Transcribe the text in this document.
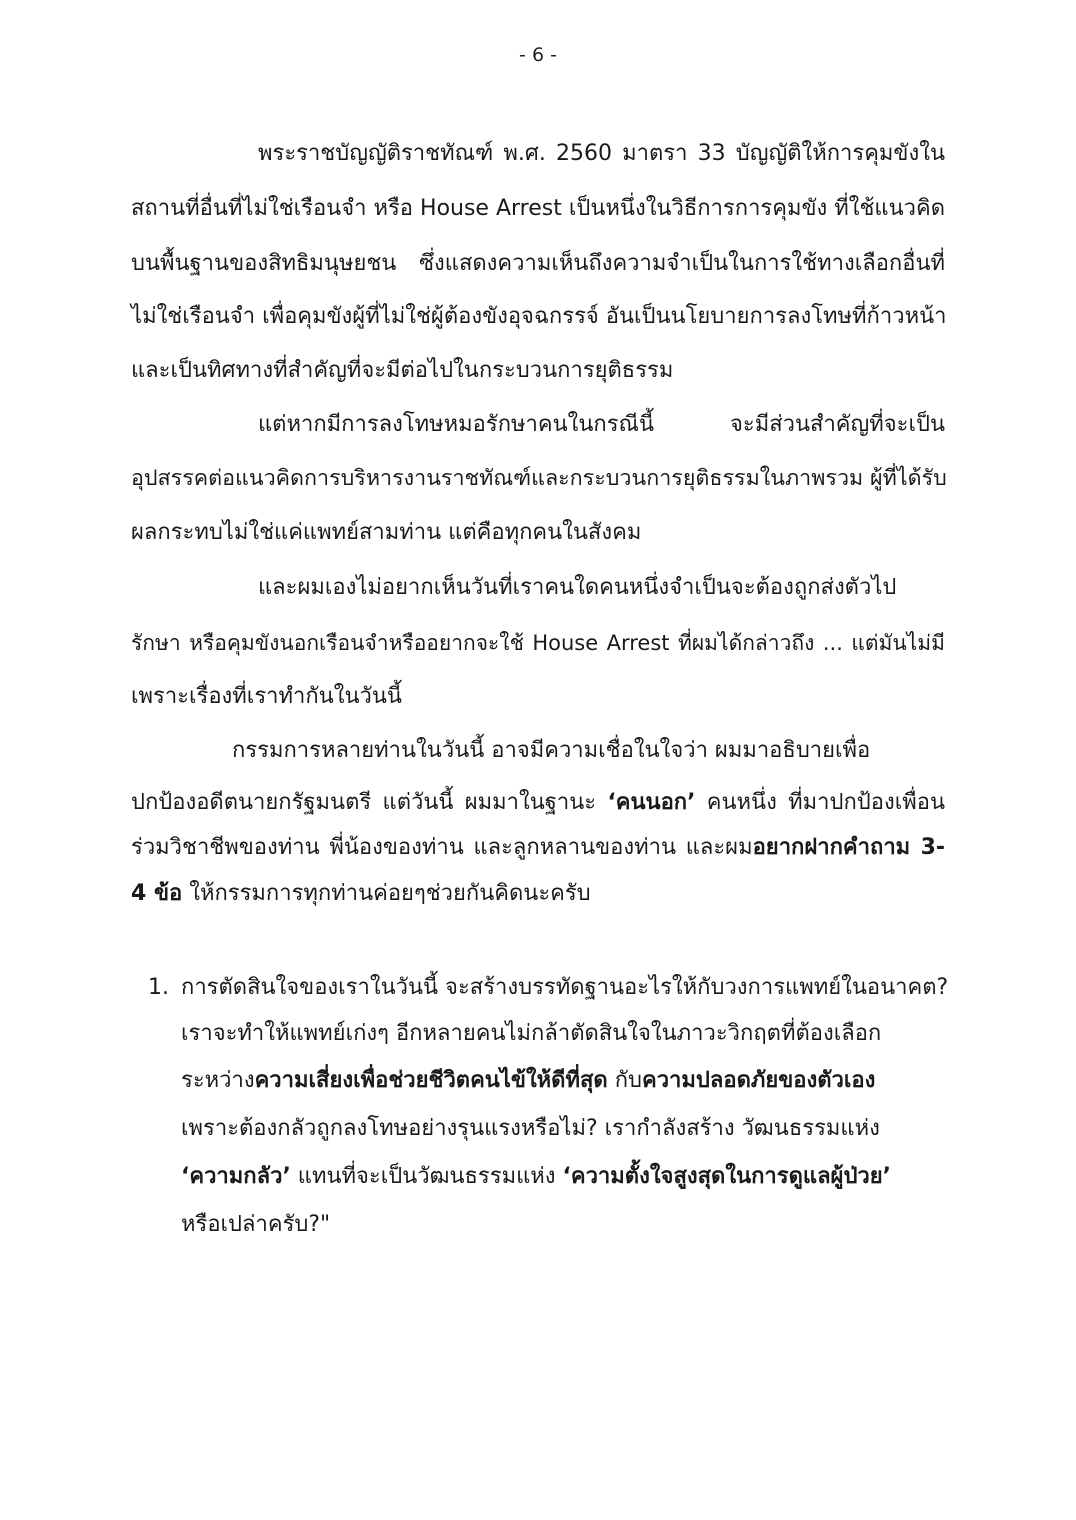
- 6 -
พระราชบัญญัติราชทัณฑ์ พ.ศ. 2560 มาตรา 33 บัญญัติให้การคุมขังใน
สถานที่อื่นที่ไม่ใช่เรือนจำ หรือ House Arrest เป็นหนึ่งในวิธีการการคุมขัง ที่ใช้แนวคิด
บนพื้นฐานของสิทธิมนุษยชน ซึ่งแสดงความเห็นถึงความจำเป็นในการใช้ทางเลือกอื่นที่
ไม่ใช่เรือนจำ เพื่อคุมขังผู้ที่ไม่ใช่ผู้ต้องขังอุจฉกรรจ์ อันเป็นนโยบายการลงโทษที่ก้าวหน้า
และเป็นทิศทางที่สำคัญที่จะมีต่อไปในกระบวนการยุติธรรม
แต่หากมีการลงโทษหมอรักษาคนในกรณีนี้ จะมีส่วนสำคัญที่จะเป็น
อุปสรรคต่อแนวคิดการบริหารงานราชทัณฑ์และกระบวนการยุติธรรมในภาพรวม ผู้ที่ได้รับ
ผลกระทบไม่ใช่แค่แพทย์สามท่าน แต่คือทุกคนในสังคม
และผมเองไม่อยากเห็นวันที่เราคนใดคนหนึ่งจำเป็นจะต้องถูกส่งตัวไป
รักษา หรือคุมขังนอกเรือนจำหรืออยากจะใช้ House Arrest ที่ผมได้กล่าวถึง ... แต่มันไม่มี
เพราะเรื่องที่เราทำกันในวันนี้
กรรมการหลายท่านในวันนี้ อาจมีความเชื่อในใจว่า ผมมาอธิบายเพื่อ
ปกป้องอดีตนายกรัฐมนตรี แต่วันนี้ ผมมาในฐานะ ‘คนนอก’ คนหนึ่ง ที่มาปกป้องเพื่อน
ร่วมวิชาชีพของท่าน พี่น้องของท่าน และลูกหลานของท่าน และผมอยากฝากคำถาม 3-
4 ข้อ ให้กรรมการทุกท่านค่อยๆช่วยกันคิดนะครับ
1. การตัดสินใจของเราในวันนี้ จะสร้างบรรทัดฐานอะไรให้กับวงการแพทย์ในอนาคต?
เราจะทำให้แพทย์เก่งๆ อีกหลายคนไม่กล้าตัดสินใจในภาวะวิกฤตที่ต้องเลือก
ระหว่างความเสี่ยงเพื่อช่วยชีวิตคนไข้ให้ดีที่สุด กับความปลอดภัยของตัวเอง
เพราะต้องกลัวถูกลงโทษอย่างรุนแรงหรือไม่? เรากำลังสร้าง วัฒนธรรมแห่ง
‘ความกลัว’ แทนที่จะเป็นวัฒนธรรมแห่ง ‘ความตั้งใจสูงสุดในการดูแลผู้ป่วย’
หรือเปล่าครับ?"
